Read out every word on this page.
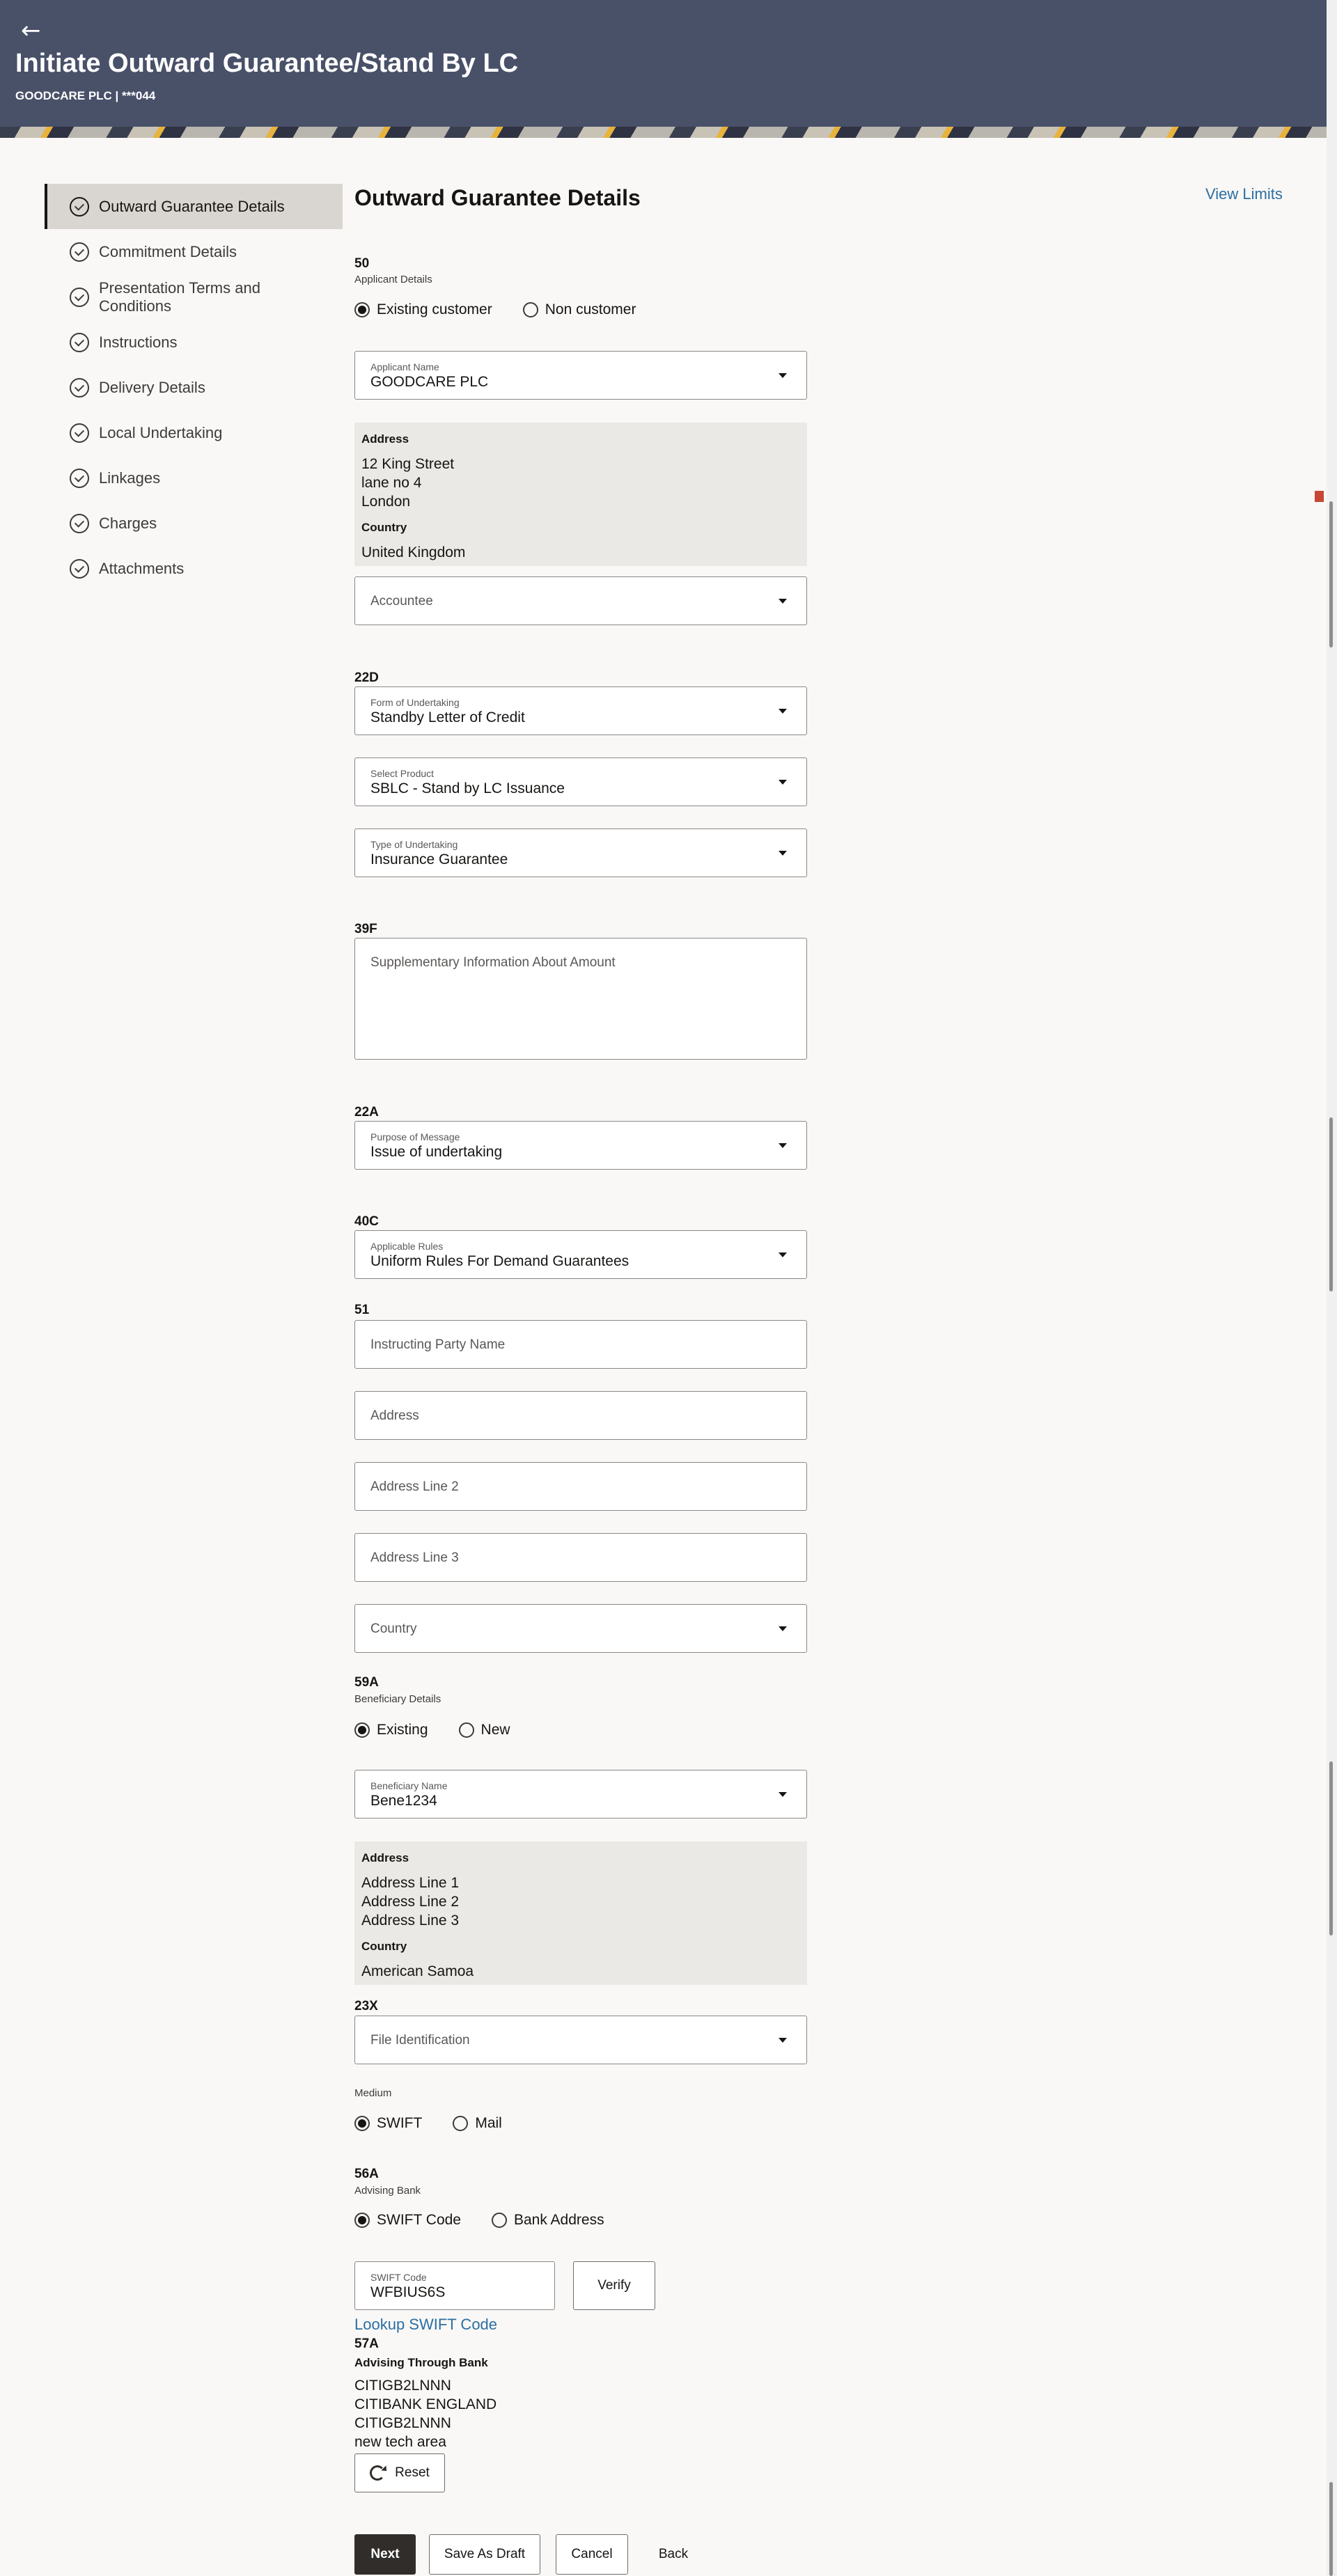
←
Initiate Outward Guarantee/Stand By LC
GOODCARE PLC | ***044
Outward Guarantee Details
Commitment Details
Presentation Terms and Conditions
Instructions
Delivery Details
Local Undertaking
Linkages
Charges
Attachments
Outward Guarantee Details	View Limits
50
Applicant Details
Existing customer	Non customer
Applicant Name
GOODCARE PLC
Address
12 King Street
lane no 4
London
Country
United Kingdom
Accountee
22D
Form of Undertaking
Standby Letter of Credit
Select Product
SBLC - Stand by LC Issuance
Type of Undertaking
Insurance Guarantee
39F
Supplementary Information About Amount
22A
Purpose of Message
Issue of undertaking
40C
Applicable Rules
Uniform Rules For Demand Guarantees
51
Instructing Party Name
Address
Address Line 2
Address Line 3
Country
59A
Beneficiary Details
Existing	New
Beneficiary Name
Bene1234
Address
Address Line 1
Address Line 2
Address Line 3
Country
American Samoa
23X
File Identification
Medium
SWIFT	Mail
56A
Advising Bank
SWIFT Code	Bank Address
SWIFT Code
WFBIUS6S	Verify
Lookup SWIFT Code
57A
Advising Through Bank
CITIGB2LNNN
CITIBANK ENGLAND
CITIGB2LNNN
new tech area
Reset
Next	Save As Draft	Cancel	Back
